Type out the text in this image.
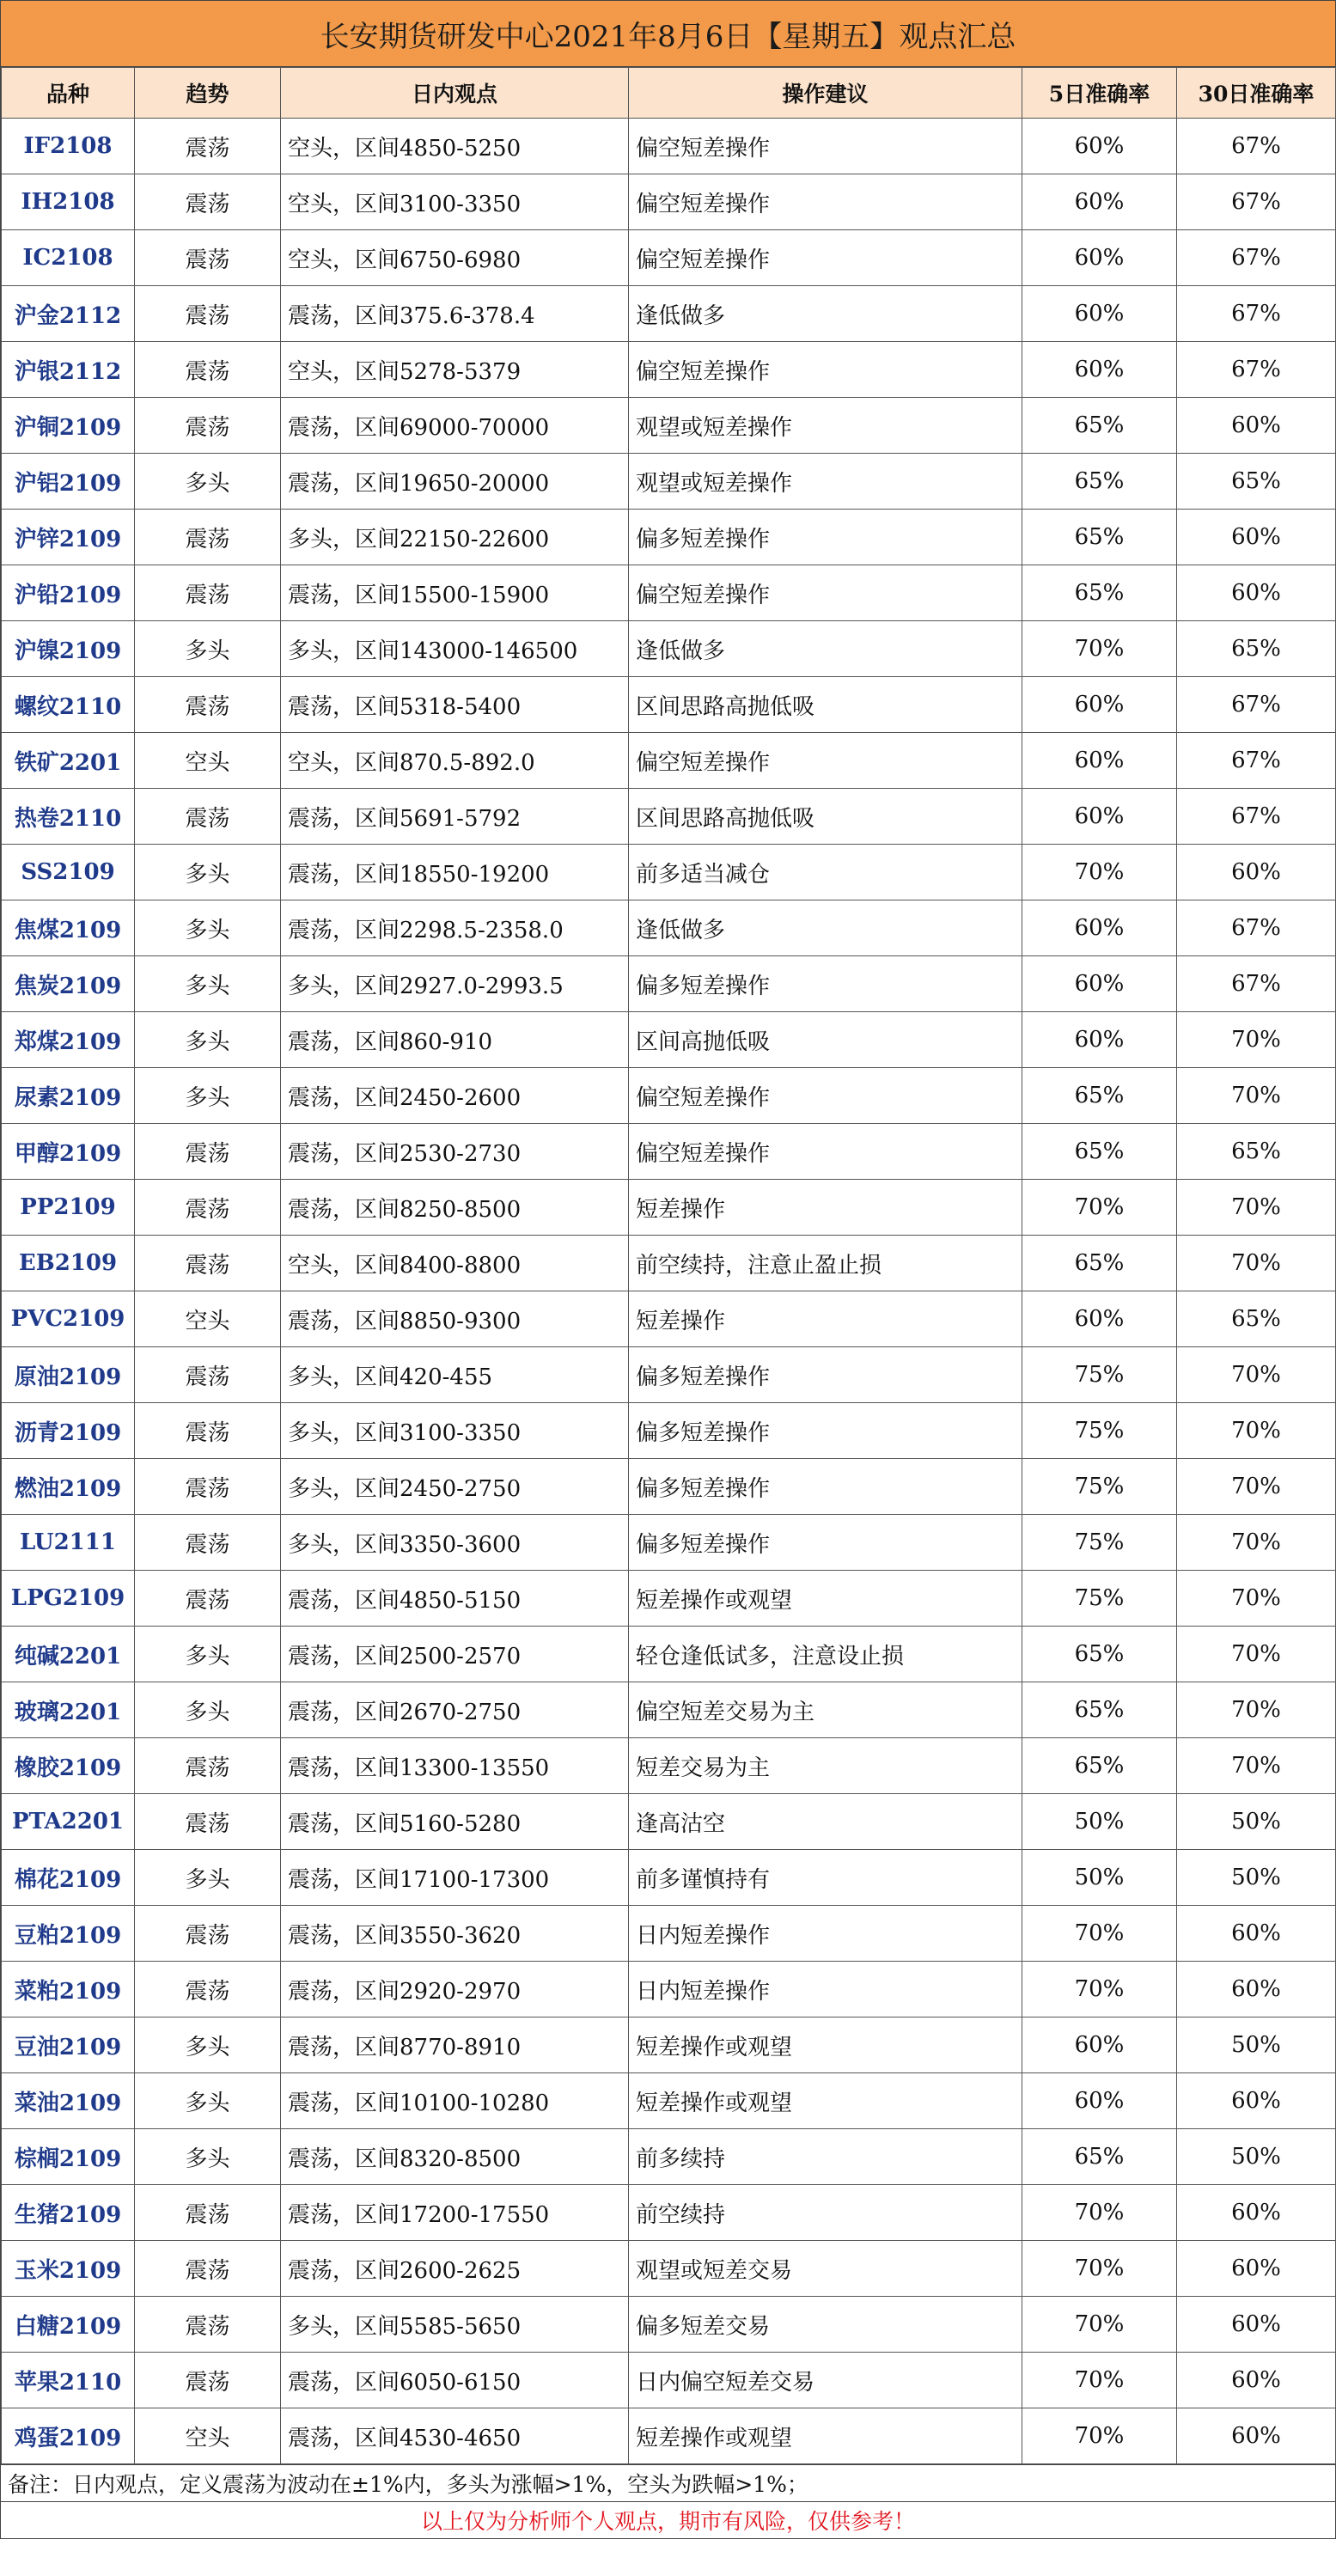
长安期货研发中心2021年8月6日【星期五】观点汇总
品种	趋势	日内观点	操作建议	5日准确率	30日准确率
IF2108	震荡	空头，区间4850-5250	偏空短差操作	60%	67%
IH2108	震荡	空头，区间3100-3350	偏空短差操作	60%	67%
IC2108	震荡	空头，区间6750-6980	偏空短差操作	60%	67%
沪金2112	震荡	震荡，区间375.6-378.4	逢低做多	60%	67%
沪银2112	震荡	空头，区间5278-5379	偏空短差操作	60%	67%
沪铜2109	震荡	震荡，区间69000-70000	观望或短差操作	65%	60%
沪铝2109	多头	震荡，区间19650-20000	观望或短差操作	65%	65%
沪锌2109	震荡	多头，区间22150-22600	偏多短差操作	65%	60%
沪铅2109	震荡	震荡，区间15500-15900	偏空短差操作	65%	60%
沪镍2109	多头	多头，区间143000-146500	逢低做多	70%	65%
螺纹2110	震荡	震荡，区间5318-5400	区间思路高抛低吸	60%	67%
铁矿2201	空头	空头，区间870.5-892.0	偏空短差操作	60%	67%
热卷2110	震荡	震荡，区间5691-5792	区间思路高抛低吸	60%	67%
SS2109	多头	震荡，区间18550-19200	前多适当减仓	70%	60%
焦煤2109	多头	震荡，区间2298.5-2358.0	逢低做多	60%	67%
焦炭2109	多头	多头，区间2927.0-2993.5	偏多短差操作	60%	67%
郑煤2109	多头	震荡，区间860-910	区间高抛低吸	60%	70%
尿素2109	多头	震荡，区间2450-2600	偏空短差操作	65%	70%
甲醇2109	震荡	震荡，区间2530-2730	偏空短差操作	65%	65%
PP2109	震荡	震荡，区间8250-8500	短差操作	70%	70%
EB2109	震荡	空头，区间8400-8800	前空续持，注意止盈止损	65%	70%
PVC2109	空头	震荡，区间8850-9300	短差操作	60%	65%
原油2109	震荡	多头，区间420-455	偏多短差操作	75%	70%
沥青2109	震荡	多头，区间3100-3350	偏多短差操作	75%	70%
燃油2109	震荡	多头，区间2450-2750	偏多短差操作	75%	70%
LU2111	震荡	多头，区间3350-3600	偏多短差操作	75%	70%
LPG2109	震荡	震荡，区间4850-5150	短差操作或观望	75%	70%
纯碱2201	多头	震荡，区间2500-2570	轻仓逢低试多，注意设止损	65%	70%
玻璃2201	多头	震荡，区间2670-2750	偏空短差交易为主	65%	70%
橡胶2109	震荡	震荡，区间13300-13550	短差交易为主	65%	70%
PTA2201	震荡	震荡，区间5160-5280	逢高沽空	50%	50%
棉花2109	多头	震荡，区间17100-17300	前多谨慎持有	50%	50%
豆粕2109	震荡	震荡，区间3550-3620	日内短差操作	70%	60%
菜粕2109	震荡	震荡，区间2920-2970	日内短差操作	70%	60%
豆油2109	多头	震荡，区间8770-8910	短差操作或观望	60%	50%
菜油2109	多头	震荡，区间10100-10280	短差操作或观望	60%	60%
棕榈2109	多头	震荡，区间8320-8500	前多续持	65%	50%
生猪2109	震荡	震荡，区间17200-17550	前空续持	70%	60%
玉米2109	震荡	震荡，区间2600-2625	观望或短差交易	70%	60%
白糖2109	震荡	多头，区间5585-5650	偏多短差交易	70%	60%
苹果2110	震荡	震荡，区间6050-6150	日内偏空短差交易	70%	60%
鸡蛋2109	空头	震荡，区间4530-4650	短差操作或观望	70%	60%
备注：日内观点，定义震荡为波动在±1%内，多头为涨幅>1%，空头为跌幅>1%；
以上仅为分析师个人观点，期市有风险，仅供参考！
